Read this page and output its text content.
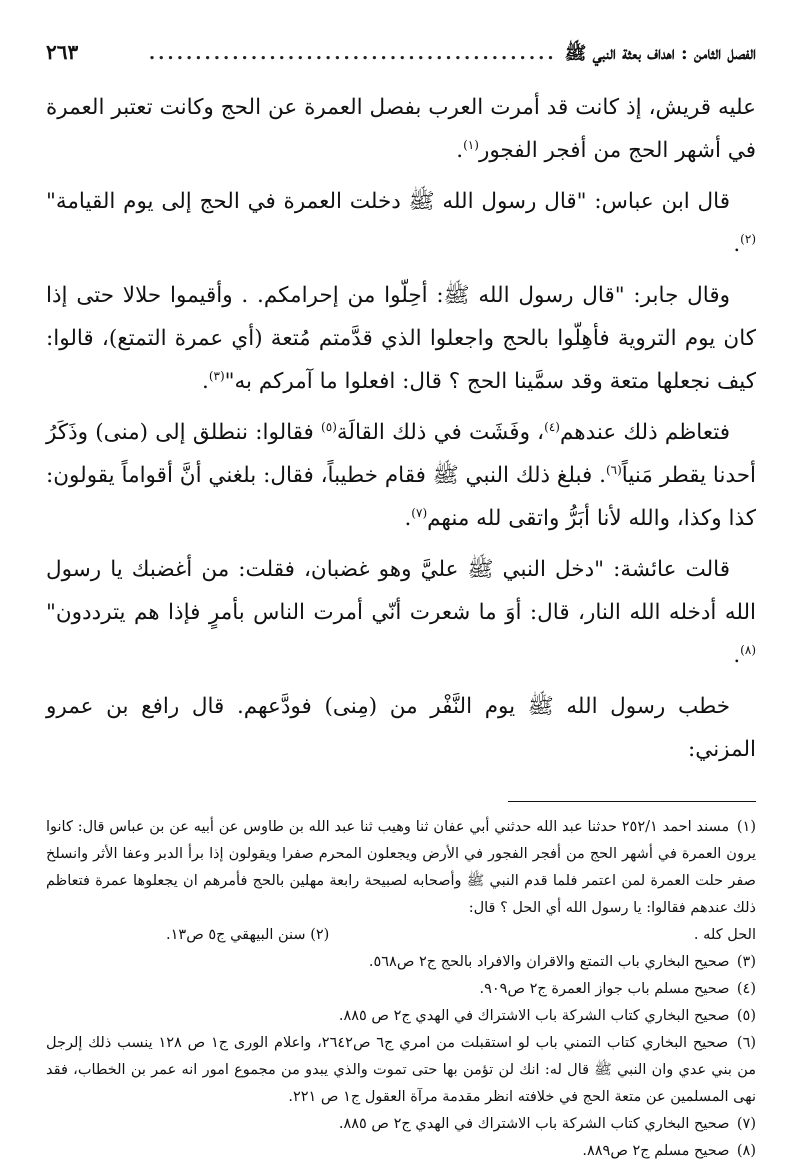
الفصل الثامن : اهداف بعثة النبي ﷺ
............................................
٢٦٣

عليه قريش، إذ كانت قد أمرت العرب بفصل العمرة عن الحج وكانت تعتبر العمرة في أشهر الحج من أفجر الفجور$^{(١)}$.

قال ابن عباس: "قال رسول الله ﷺ دخلت العمرة في الحج إلى يوم القيامة"$^{(٢)}$.

وقال جابر: "قال رسول الله ﷺ: أحِلّوا من إحرامكم. . وأقيموا حلالا حتى إذا كان يوم التروية فأهِلّوا بالحج واجعلوا الذي قدَّمتم مُتعة (أي عمرة التمتع)، قالوا: كيف نجعلها متعة وقد سمَّينا الحج ؟ قال: افعلوا ما آمركم به"$^{(٣)}$.

فتعاظم ذلك عندهم$^{(٤)}$، وفَشَت في ذلك القالَة$^{(٥)}$ فقالوا: ننطلق إلى (منى) وذَكَرُ أحدنا يقطر مَنياً$^{(٦)}$. فبلغ ذلك النبي ﷺ فقام خطيباً، فقال: بلغني أنَّ أقواماً يقولون: كذا وكذا، والله لأنا أبَرُّ واتقى لله منهم$^{(٧)}$.

قالت عائشة: "دخل النبي ﷺ عليَّ وهو غضبان، فقلت: من أغضبك يا رسول الله أدخله الله النار، قال: أوَ ما شعرت أنّي أمرت الناس بأمرٍ فإذا هم يترددون"$^{(٨)}$.

خطب رسول الله ﷺ يوم النَّفْر من (مِنى) فودَّعهم. قال رافع بن عمرو المزني:

(١) مسند احمد ٢٥٢/١ حدثنا عبد الله حدثني أبي عفان ثنا وهيب ثنا عبد الله بن طاوس عن أبيه عن بن عباس قال: كانوا يرون العمرة في أشهر الحج من أفجر الفجور في الأرض ويجعلون المحرم صفرا ويقولون إذا برأ الدبر وعفا الأثر وانسلخ صفر حلت العمرة لمن اعتمر فلما قدم النبي ﷺ وأصحابه لصبيحة رابعة مهلين بالحج فأمرهم ان يجعلوها عمرة فتعاظم ذلك عندهم فقالوا: يا رسول الله أي الحل ؟ قال:

الحل كله .
(٢) سنن البيهقي ج٥ ص١٣.

(٣) صحيح البخاري باب التمتع والاقران والافراد بالحج ج٢ ص٥٦٨.

(٤) صحيح مسلم باب جواز العمرة ج٢ ص٩٠٩.

(٥) صحيح البخاري كتاب الشركة باب الاشتراك في الهدي ج٢ ص ٨٨٥.

(٦) صحيح البخاري كتاب التمني باب لو استقبلت من امري ج٦ ص٢٦٤٢، واعلام الورى ج١ ص ١٢٨ ينسب ذلك إلرجل من بني عدي وان النبي ﷺ قال له: انك لن تؤمن بها حتى تموت والذي يبدو من مجموع امور انه عمر بن الخطاب، فقد نهى المسلمين عن متعة الحج في خلافته انظر مقدمة مرآة العقول ج١ ص ٢٢١.

(٧) صحيح البخاري كتاب الشركة باب الاشتراك في الهدي ج٢ ص ٨٨٥.

(٨) صحيح مسلم ج٢ ص٨٨٩.
